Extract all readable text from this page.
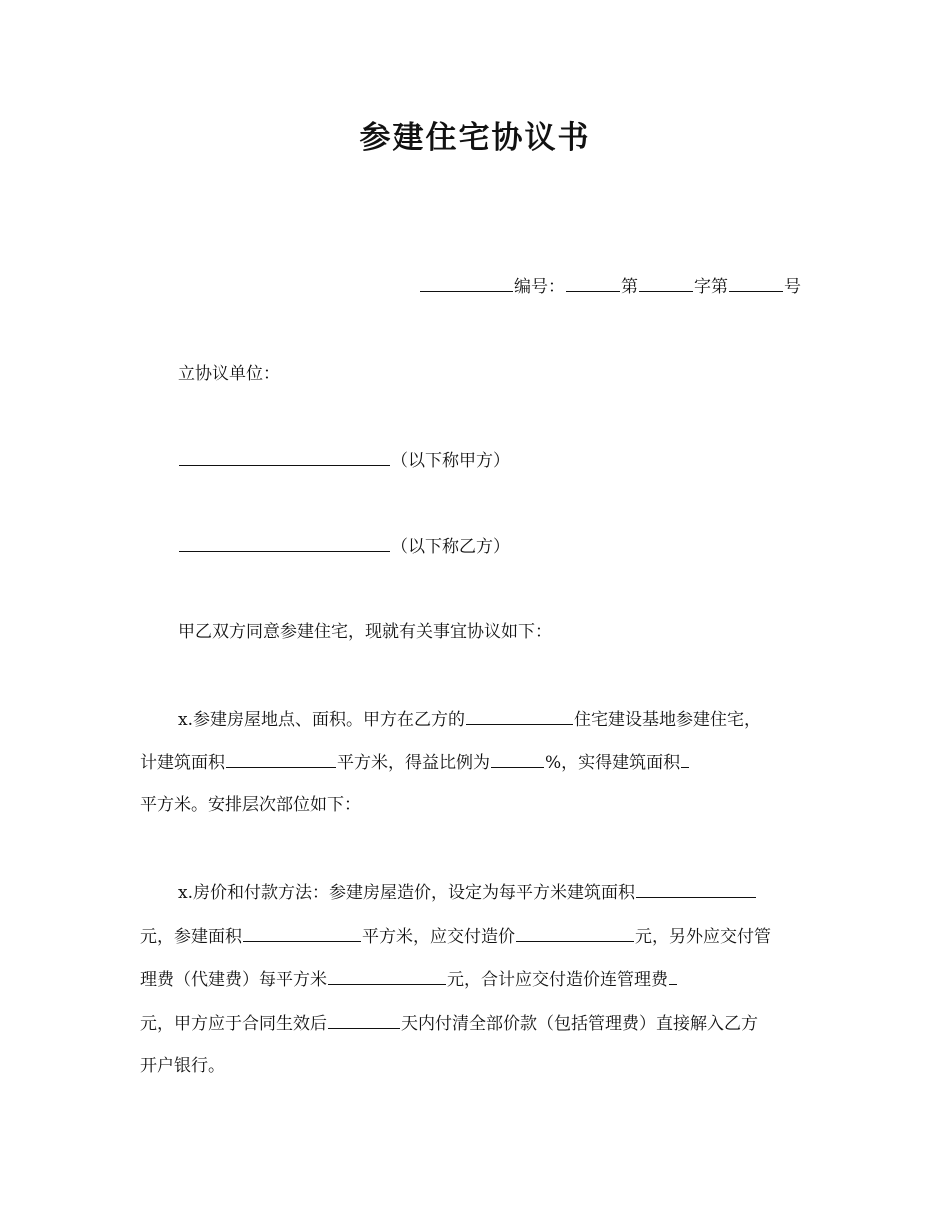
参建住宅协议书
编号：	第	字第	号
立协议单位：
（以下称甲方）
（以下称乙方）
甲乙双方同意参建住宅，现就有关事宜协议如下：
x.参建房屋地点、面积。甲方在乙方的	住宅建设基地参建住宅，
计建筑面积	平方米，得益比例为	%，实得建筑面积
平方米。安排层次部位如下：
x.房价和付款方法：参建房屋造价，设定为每平方米建筑面积
元，参建面积	平方米，应交付造价	元，另外应交付管
理费（代建费）每平方米	元，合计应交付造价连管理费
元，甲方应于合同生效后	天内付清全部价款（包括管理费）直接解入乙方
开户银行。
